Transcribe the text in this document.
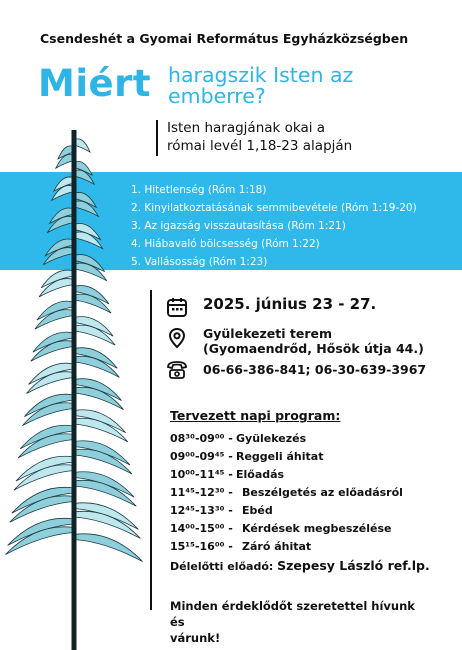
Csendeshét a Gyomai Református Egyházközségben
Miért haragszik Isten az
emberre?
Isten haragjának okai a
római levél 1,18-23 alapján
1. Hitetlenség (Róm 1:18)
2. Kinyilatkoztatásának semmibevétele (Róm 1:19-20)
3. Az igazság visszautasítása (Róm 1:21)
4. Hiábavaló bölcsesség (Róm 1:22)
5. Vallásosság (Róm 1:23)
2025. június 23 - 27.
Gyülekezeti terem
(Gyomaendrőd, Hősök útja 44.)
06-66-386-841; 06-30-639-3967
Tervezett napi program:
08³⁰-09⁰⁰ - Gyülekezés
09⁰⁰-09⁴⁵ - Reggeli áhitat
10⁰⁰-11⁴⁵ - Előadás
11⁴⁵-12³⁰ - Beszélgetés az előadásról
12⁴⁵-13³⁰ - Ebéd
14⁰⁰-15⁰⁰ - Kérdések megbeszélése
15¹⁵-16⁰⁰ - Záró áhitat
Délelőtti előadó: Szepesy László ref.lp.
Minden érdeklődőt szeretettel hívunk és
várunk!
